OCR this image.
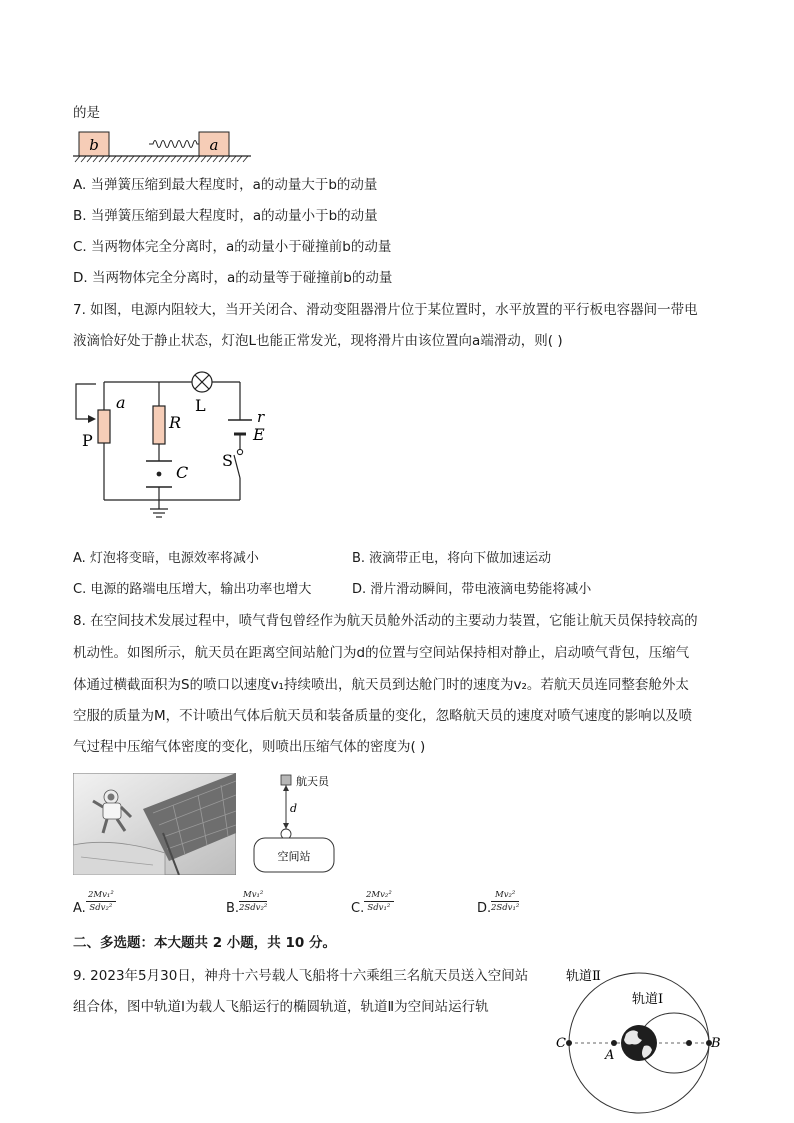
的是
b	a
A. 当弹簧压缩到最大程度时，a的动量大于b的动量
B. 当弹簧压缩到最大程度时，a的动量小于b的动量
C. 当两物体完全分离时，a的动量小于碰撞前b的动量
D. 当两物体完全分离时，a的动量等于碰撞前b的动量
7. 如图，电源内阻较大，当开关闭合、滑动变阻器滑片位于某位置时，水平放置的平行板电容器间一带电
液滴恰好处于静止状态，灯泡L也能正常发光，现将滑片由该位置向a端滑动，则( )
a
P
R
L
r
E
S
C
A. 灯泡将变暗，电源效率将减小	B. 液滴带正电，将向下做加速运动
C. 电源的路端电压增大，输出功率也增大	D. 滑片滑动瞬间，带电液滴电势能将减小
8. 在空间技术发展过程中，喷气背包曾经作为航天员舱外活动的主要动力装置，它能让航天员保持较高的
机动性。如图所示，航天员在距离空间站舱门为d的位置与空间站保持相对静止，启动喷气背包，压缩气
体通过横截面积为S的喷口以速度v₁持续喷出，航天员到达舱门时的速度为v₂。若航天员连同整套舱外太
空服的质量为M，不计喷出气体后航天员和装备质量的变化，忽略航天员的速度对喷气速度的影响以及喷
气过程中压缩气体密度的变化，则喷出压缩气体的密度为( )
航天员
d
空间站
A.
2Mv₁²
Sdv₂²	B.
Mv₁²
2Sdv₂²	C.
2Mv₂²
Sdv₁²	D.
Mv₂²
2Sdv₁²
二、多选题：本大题共 2 小题，共 10 分。
9. 2023年5月30日，神舟十六号载人飞船将十六乘组三名航天员送入空间站
组合体，图中轨道Ⅰ为载人飞船运行的椭圆轨道，轨道Ⅱ为空间站运行轨
轨道Ⅱ
轨道Ⅰ
C
A
B
